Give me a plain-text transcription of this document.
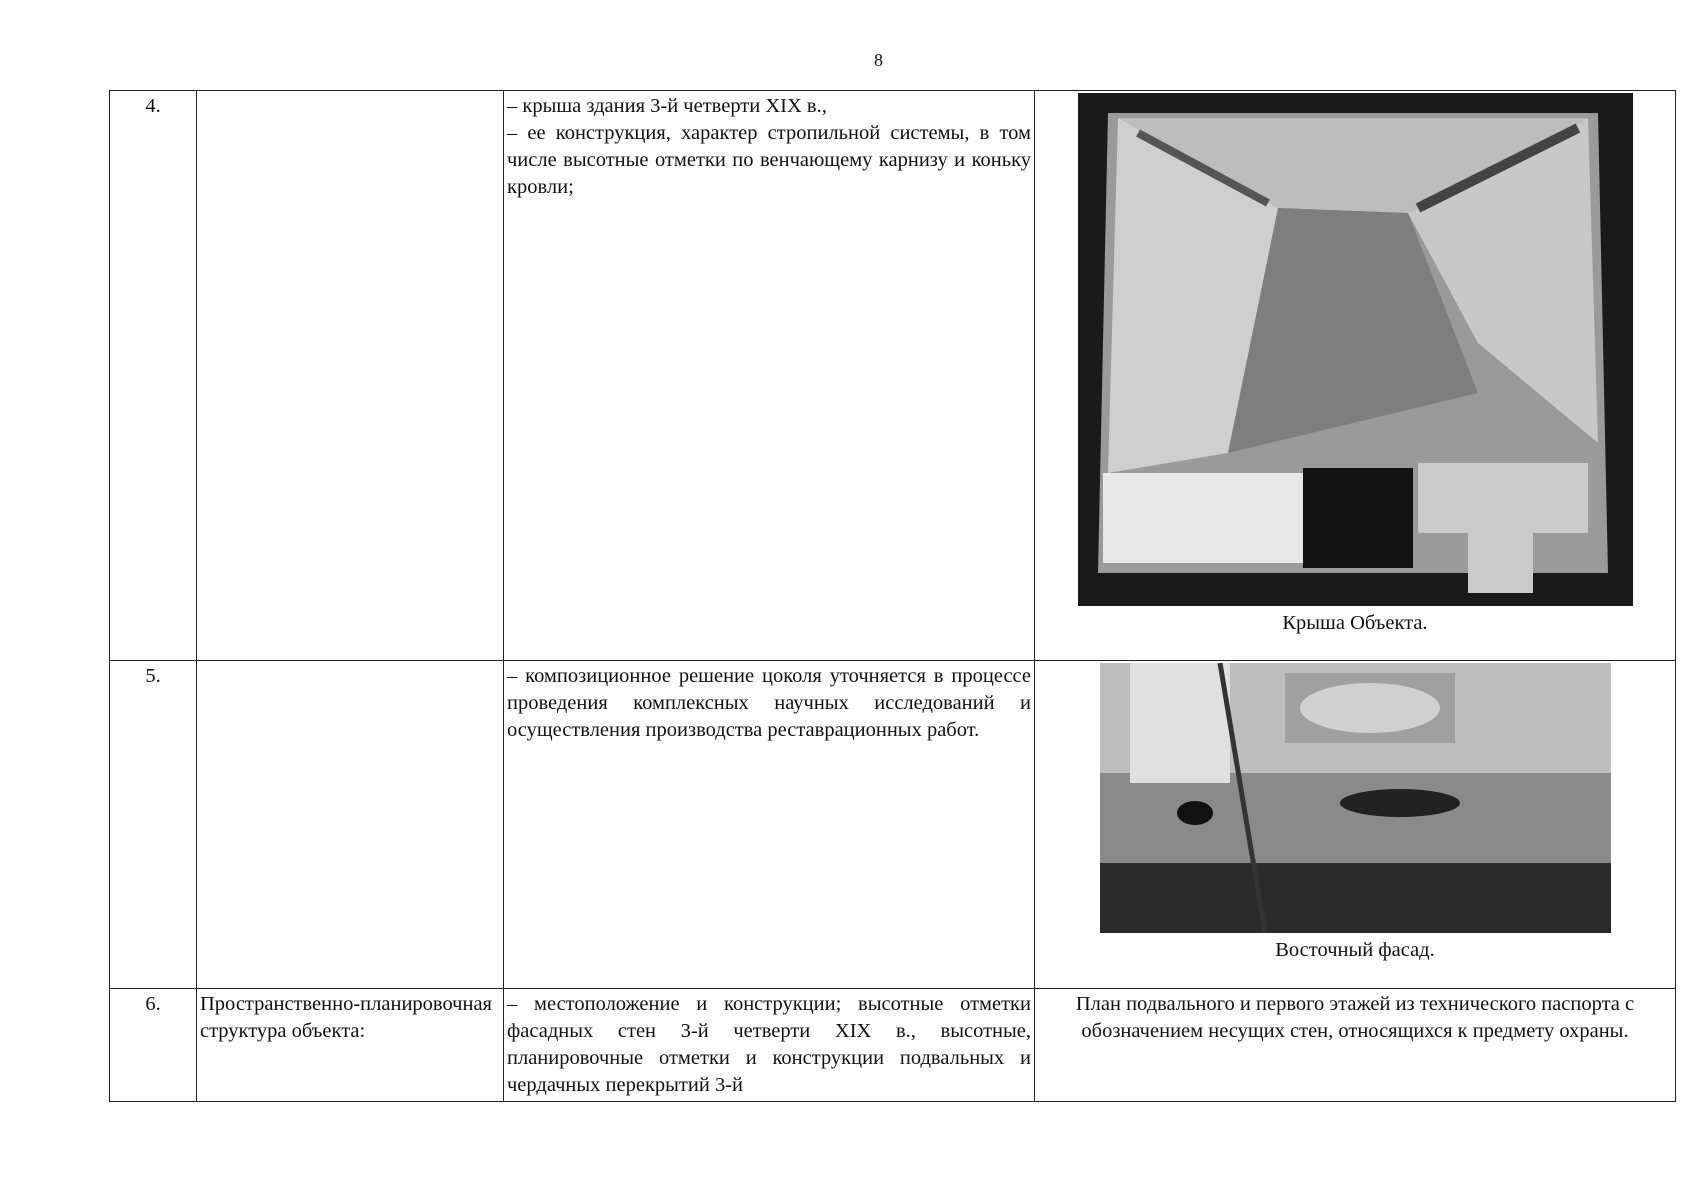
8
4.		– крыша здания 3-й четверти XIX в.,
– ее конструкция, характер стропильной системы, в том числе высотные отметки по венчающему карнизу и коньку кровли;	Крыша Объекта.

5.		– композиционное решение цоколя уточняется в процессе проведения комплексных научных исследований и осуществления производства реставрационных работ.	Восточный фасад.

6.	Пространственно-планировочная структура объекта:	– местоположение и конструкции; высотные отметки фасадных стен 3-й четверти XIX в., высотные, планировочные отметки и конструкции подвальных и чердачных перекрытий 3-й	План подвального и первого этажей из технического паспорта с обозначением несущих стен, относящихся к предмету охраны.
